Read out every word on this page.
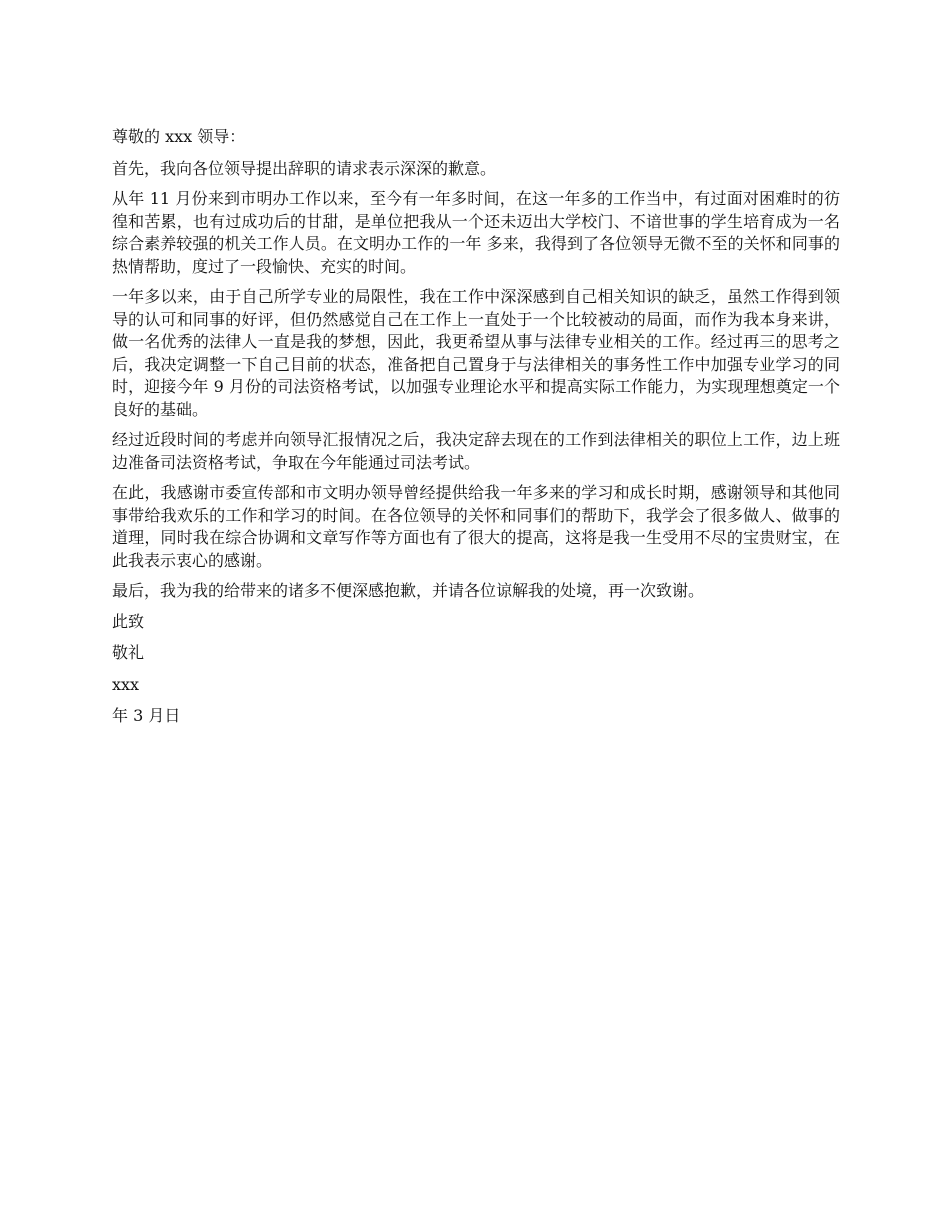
尊敬的 xxx 领导：

首先，我向各位领导提出辞职的请求表示深深的歉意。

从年 11 月份来到市明办工作以来，至今有一年多时间，在这一年多的工作当中，有过面对困难时的彷徨和苦累，也有过成功后的甘甜，是单位把我从一个还未迈出大学校门、不谙世事的学生培育成为一名综合素养较强的机关工作人员。在文明办工作的一年 多来，我得到了各位领导无微不至的关怀和同事的热情帮助，度过了一段愉快、充实的时间。

一年多以来，由于自己所学专业的局限性，我在工作中深深感到自己相关知识的缺乏，虽然工作得到领导的认可和同事的好评，但仍然感觉自己在工作上一直处于一个比较被动的局面，而作为我本身来讲，做一名优秀的法律人一直是我的梦想，因此，我更希望从事与法律专业相关的工作。经过再三的思考之后，我决定调整一下自己目前的状态，准备把自己置身于与法律相关的事务性工作中加强专业学习的同时，迎接今年 9 月份的司法资格考试，以加强专业理论水平和提高实际工作能力，为实现理想奠定一个良好的基础。

经过近段时间的考虑并向领导汇报情况之后，我决定辞去现在的工作到法律相关的职位上工作，边上班边准备司法资格考试，争取在今年能通过司法考试。

在此，我感谢市委宣传部和市文明办领导曾经提供给我一年多来的学习和成长时期，感谢领导和其他同事带给我欢乐的工作和学习的时间。在各位领导的关怀和同事们的帮助下，我学会了很多做人、做事的道理，同时我在综合协调和文章写作等方面也有了很大的提高，这将是我一生受用不尽的宝贵财宝，在此我表示衷心的感谢。

最后，我为我的给带来的诸多不便深感抱歉，并请各位谅解我的处境，再一次致谢。

此致

敬礼

xxx

年 3 月日
